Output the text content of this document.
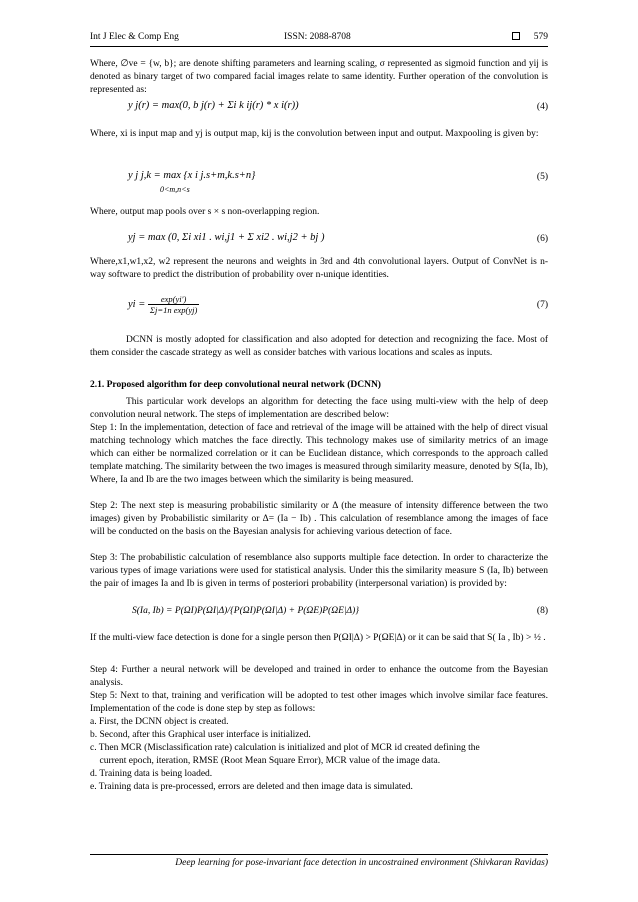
Int J Elec & Comp Eng	ISSN: 2088-8708	579
Where, ∅ve = {w, b}; are denote shifting parameters and learning scaling, σ represented as sigmoid function and yij is denoted as binary target of two compared facial images relate to same identity. Further operation of the convolution is represented as:
y j(r) = max(0, b j(r) + Σi k ij(r) * x i(r))	(4)
Where, xi is input map and yj is output map, kij is the convolution between input and output. Maxpooling is given by:
y j j,k = max {x i j.s+m,k.s+n}
0<m,n<s
(5)
Where, output map pools over s × s non-overlapping region.
yj = max (0, Σi xi1 . wi,j1 + Σ xi2 . wi,j2 + bj )	(6)
Where,x1,w1,x2, w2 represent the neurons and weights in 3rd and 4th convolutional layers. Output of ConvNet is n-way software to predict the distribution of probability over n-unique identities.
yi = $\frac{\exp(yi')}{\text{Σj=1n exp(yj)}}$	(7)
DCNN is mostly adopted for classification and also adopted for detection and recognizing the face. Most of them consider the cascade strategy as well as consider batches with various locations and scales as inputs.
2.1. Proposed algorithm for deep convolutional neural network (DCNN)
This particular work develops an algorithm for detecting the face using multi-view with the help of deep convolution neural network. The steps of implementation are described below:
Step 1: In the implementation, detection of face and retrieval of the image will be attained with the help of direct visual matching technology which matches the face directly. This technology makes use of similarity metrics of an image which can either be normalized correlation or it can be Euclidean distance, which corresponds to the approach called template matching. The similarity between the two images is measured through similarity measure, denoted by S(Ia, Ib), Where, Ia and Ib are the two images between which the similarity is being measured.
Step 2: The next step is measuring probabilistic similarity or Δ (the measure of intensity difference between the two images) given by Probabilistic similarity or Δ= (Ia − Ib) . This calculation of resemblance among the images of face will be conducted on the basis on the Bayesian analysis for achieving various detection of face.
Step 3: The probabilistic calculation of resemblance also supports multiple face detection. In order to characterize the various types of image variations were used for statistical analysis. Under this the similarity measure S (Ia, Ib) between the pair of images Ia and Ib is given in terms of posteriori probability (interpersonal variation) is provided by:
S(Ia, Ib) = P(ΩI)P(ΩI|Δ)/{P(ΩI)P(ΩI|Δ) + P(ΩE)P(ΩE|Δ)}	(8)
If the multi-view face detection is done for a single person then P(ΩI|Δ) > P(ΩE|Δ) or it can be said that S( Ia , Ib) > ½ .
Step 4: Further a neural network will be developed and trained in order to enhance the outcome from the Bayesian analysis.
Step 5: Next to that, training and verification will be adopted to test other images which involve similar face features. Implementation of the code is done step by step as follows:
a. First, the DCNN object is created.
b. Second, after this Graphical user interface is initialized.
c. Then MCR (Misclassification rate) calculation is initialized and plot of MCR id created defining the
current epoch, iteration, RMSE (Root Mean Square Error), MCR value of the image data.
d. Training data is being loaded.
e. Training data is pre-processed, errors are deleted and then image data is simulated.
Deep learning for pose-invariant face detection in uncostrained environment (Shivkaran Ravidas)
